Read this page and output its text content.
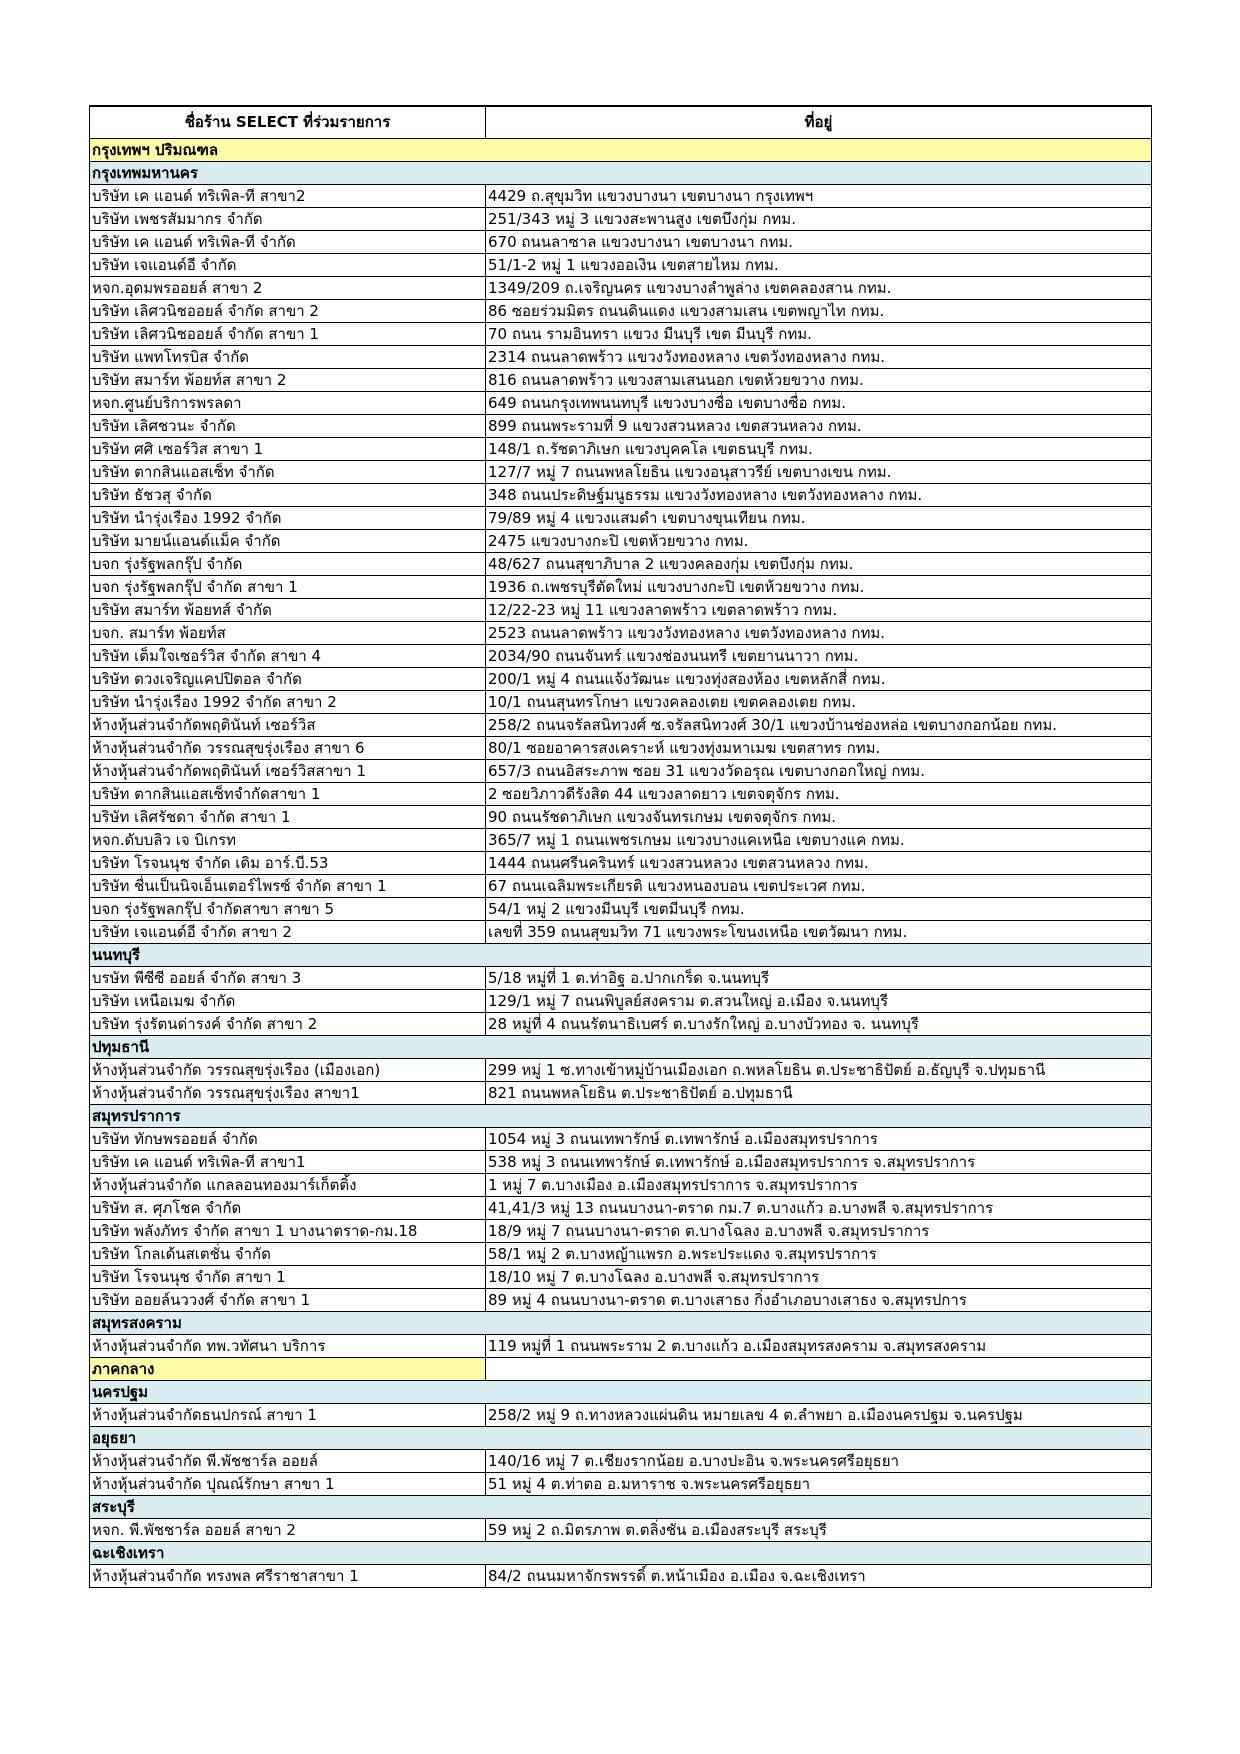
ชื่อร้าน SELECT ที่ร่วมรายการ	ที่อยู่
กรุงเทพฯ ปริมณฑล	
กรุงเทพมหานคร	
บริษัท เค แอนด์ ทริเพิล-ที สาขา2	4429 ถ.สุขุมวิท แขวงบางนา เขตบางนา กรุงเทพฯ
บริษัท เพชรสัมมากร จำกัด	251/343 หมู่ 3 แขวงสะพานสูง เขตบึงกุ่ม กทม.
บริษัท เค แอนด์ ทริเพิล-ที จำกัด	670 ถนนลาซาล แขวงบางนา เขตบางนา กทม.
บริษัท เจแอนด์อี จำกัด	51/1-2 หมู่ 1 แขวงออเงิน เขตสายไหม กทม.
หจก.อุดมพรออยล์ สาขา 2	1349/209 ถ.เจริญนคร แขวงบางลำพูล่าง เขตคลองสาน กทม.
บริษัท เลิศวนิชออยล์ จำกัด สาขา 2	86 ซอยร่วมมิตร ถนนดินแดง แขวงสามเสน เขตพญาไท กทม.
บริษัท เลิศวนิชออยล์ จำกัด สาขา 1	70 ถนน รามอินทรา แขวง มีนบุรี เขต มีนบุรี กทม.
บริษัท แพทโทรบิส จำกัด	2314 ถนนลาดพร้าว แขวงวังทองหลาง เขตวังทองหลาง กทม.
บริษัท สมาร์ท พ้อยท์ส สาขา 2	816 ถนนลาดพร้าว แขวงสามเสนนอก เขตห้วยขวาง กทม.
หจก.ศูนย์บริการพรลดา	649 ถนนกรุงเทพนนทบุรี แขวงบางซื่อ เขตบางซื่อ กทม.
บริษัท เลิศชวนะ จำกัด	899 ถนนพระรามที่ 9 แขวงสวนหลวง เขตสวนหลวง กทม.
บริษัท ศศิ เซอร์วิส สาขา 1	148/1 ถ.รัชดาภิเษก แขวงบุคคโล เขตธนบุรี กทม.
บริษัท ตากสินแอสเซ็ท จำกัด	127/7 หมู่ 7 ถนนพหลโยธิน แขวงอนุสาวรีย์ เขตบางเขน กทม.
บริษัท ธัชวสุ จำกัด	348 ถนนประดิษฐ์มนูธรรม แขวงวังทองหลาง เขตวังทองหลาง กทม.
บริษัท นำรุ่งเรือง 1992 จำกัด	79/89 หมู่ 4 แขวงแสมดำ เขตบางขุนเทียน กทม.
บริษัท มายน์แอนด์แม็ค จำกัด	2475 แขวงบางกะปิ เขตห้วยขวาง กทม.
บจก รุ่งรัฐพลกรุ๊ป จำกัด	48/627 ถนนสุขาภิบาล 2 แขวงคลองกุ่ม เขตบึงกุ่ม กทม.
บจก รุ่งรัฐพลกรุ๊ป จำกัด สาขา 1	1936 ถ.เพชรบุรีตัดใหม่ แขวงบางกะปิ เขตห้วยขวาง กทม.
บริษัท สมาร์ท พ้อยทส์ จำกัด	12/22-23 หมู่ 11 แขวงลาดพร้าว เขตลาดพร้าว กทม.
บจก. สมาร์ท พ้อยท์ส	2523 ถนนลาดพร้าว แขวงวังทองหลาง เขตวังทองหลาง กทม.
บริษัท เต็มใจเซอร์วิส จำกัด สาขา 4	2034/90 ถนนจันทร์ แขวงช่องนนทรี เขตยานนาวา กทม.
บริษัท ดวงเจริญแคปปิตอล จำกัด	200/1 หมู่ 4 ถนนแจ้งวัฒนะ แขวงทุ่งสองห้อง เขตหลักสี่ กทม.
บริษัท นำรุ่งเรือง 1992 จำกัด สาขา 2	10/1 ถนนสุนทรโกษา แขวงคลองเตย เขตคลองเตย กทม.
ห้างหุ้นส่วนจำกัดพฤตินันท์ เซอร์วิส	258/2 ถนนจรัลสนิทวงศ์ ซ.จรัลสนิทวงศ์ 30/1 แขวงบ้านช่องหล่อ เขตบางกอกน้อย กทม.
ห้างหุ้นส่วนจำกัด วรรณสุขรุ่งเรือง สาขา 6	80/1 ซอยอาคารสงเคราะห์ แขวงทุ่งมหาเมฆ เขตสาทร กทม.
ห้างหุ้นส่วนจำกัดพฤตินันท์ เซอร์วิสสาขา 1	657/3 ถนนอิสระภาพ ซอย 31 แขวงวัดอรุณ เขตบางกอกใหญ่ กทม.
บริษัท ตากสินแอสเซ็ทจำกัดสาขา 1	2 ซอยวิภาวดีรังสิต 44 แขวงลาดยาว เขตจตุจักร กทม.
บริษัท เลิศรัชดา จำกัด สาขา 1	90 ถนนรัชดาภิเษก แขวงจันทรเกษม เขตจตุจักร กทม.
หจก.ดับบลิว เจ บิเกรท	365/7 หมู่ 1 ถนนเพชรเกษม แขวงบางแคเหนือ เขตบางแค กทม.
บริษัท โรจนนุช จำกัด เดิม อาร์.บี.53	1444 ถนนศรีนครินทร์ แขวงสวนหลวง เขตสวนหลวง กทม.
บริษัท ชื่นเป็นนิจเอ็นเตอร์ไพรซ์ จำกัด สาขา 1	67 ถนนเฉลิมพระเกียรติ แขวงหนองบอน เขตประเวศ กทม.
บจก รุ่งรัฐพลกรุ๊ป จำกัดสาขา สาขา 5	54/1 หมู่ 2 แขวงมีนบุรี เขตมีนบุรี กทม.
บริษัท เจแอนด์อี จำกัด สาขา 2	เลขที่ 359 ถนนสุขมวิท 71 แขวงพระโขนงเหนือ เขตวัฒนา กทม.
นนทบุรี	
บรษัท พีซีซี ออยล์ จำกัด สาขา 3	5/18 หมู่ที่ 1 ต.ท่าอิฐ อ.ปากเกร็ด จ.นนทบุรี
บริษัท เหนือเมฆ จำกัด	129/1 หมู่ 7 ถนนพิบูลย์สงคราม ต.สวนใหญ่ อ.เมือง จ.นนทบุรี
บริษัท รุ่งรัตนด่ารงค์ จำกัด สาขา 2	28 หมู่ที่ 4 ถนนรัตนาธิเบศร์ ต.บางรักใหญ่ อ.บางบัวทอง จ. นนทบุรี
ปทุมธานี	
ห้างหุ้นส่วนจำกัด วรรณสุขรุ่งเรือง (เมืองเอก)	299 หมู่ 1 ซ.ทางเข้าหมู่บ้านเมืองเอก ถ.พหลโยธิน ต.ประชาธิปัตย์ อ.ธัญบุรี จ.ปทุมธานี
ห้างหุ้นส่วนจำกัด วรรณสุขรุ่งเรือง สาขา1	821 ถนนพหลโยธิน ต.ประชาธิปัตย์ อ.ปทุมธานี
สมุทรปราการ	
บริษัท ทักษพรออยล์ จำกัด	1054 หมู่ 3 ถนนเทพารักษ์ ต.เทพารักษ์ อ.เมืองสมุทรปราการ
บริษัท เค แอนด์ ทริเพิล-ที สาขา1	538 หมู่ 3 ถนนเทพารักษ์ ต.เทพารักษ์ อ.เมืองสมุทรปราการ จ.สมุทรปราการ
ห้างหุ้นส่วนจำกัด แกลลอนทองมาร์เก็ตติ้ง	1 หมู่ 7 ต.บางเมือง อ.เมืองสมุทรปราการ จ.สมุทรปราการ
บริษัท ส. ศุภโชค จำกัด	41,41/3 หมู่ 13 ถนนบางนา-ตราด กม.7 ต.บางแก้ว อ.บางพลี จ.สมุทรปราการ
บริษัท พลังภัทร จำกัด สาขา 1 บางนาตราด-กม.18	18/9 หมู่ 7 ถนนบางนา-ตราด ต.บางโฉลง อ.บางพลี จ.สมุทรปราการ
บริษัท โกลเด้นสเตชั่น จำกัด	58/1 หมู่ 2 ต.บางหญ้าแพรก อ.พระประแดง จ.สมุทรปราการ
บริษัท โรจนนุช จำกัด สาขา 1	18/10 หมู่ 7 ต.บางโฉลง อ.บางพลี จ.สมุทรปราการ
บริษัท ออยล์นววงศ์ จำกัด สาขา 1	89 หมู่ 4 ถนนบางนา-ตราด ต.บางเสาธง กิ่งอำเภอบางเสาธง จ.สมุทรปการ
สมุทรสงคราม	
ห้างหุ้นส่วนจำกัด ทพ.วทัศนา บริการ	119 หมู่ที่ 1 ถนนพระราม 2 ต.บางแก้ว อ.เมืองสมุทรสงคราม จ.สมุทรสงคราม
ภาคกลาง	
นครปฐม	
ห้างหุ้นส่วนจำกัดธนปกรณ์ สาขา 1	258/2 หมู่ 9 ถ.ทางหลวงแผ่นดิน หมายเลข 4 ต.ลำพยา อ.เมืองนครปฐม จ.นครปฐม
อยุธยา	
ห้างหุ้นส่วนจำกัด พี.พัชชาร์ล ออยล์	140/16 หมู่ 7 ต.เชียงรากน้อย อ.บางปะอิน จ.พระนครศรีอยุธยา
ห้างหุ้นส่วนจำกัด ปุณณ์รักษา สาขา 1	51 หมู่ 4 ต.ท่าตอ อ.มหาราช จ.พระนครศรีอยุธยา
สระบุรี	
หจก. พี.พัชชาร์ล ออยล์ สาขา 2	59 หมู่ 2 ถ.มิตรภาพ ต.ตลิ่งชัน อ.เมืองสระบุรี สระบุรี
ฉะเชิงเทรา	
ห้างหุ้นส่วนจำกัด ทรงพล ศรีราชาสาขา 1	84/2 ถนนมหาจักรพรรดิ์ ต.หน้าเมือง อ.เมือง จ.ฉะเชิงเทรา
